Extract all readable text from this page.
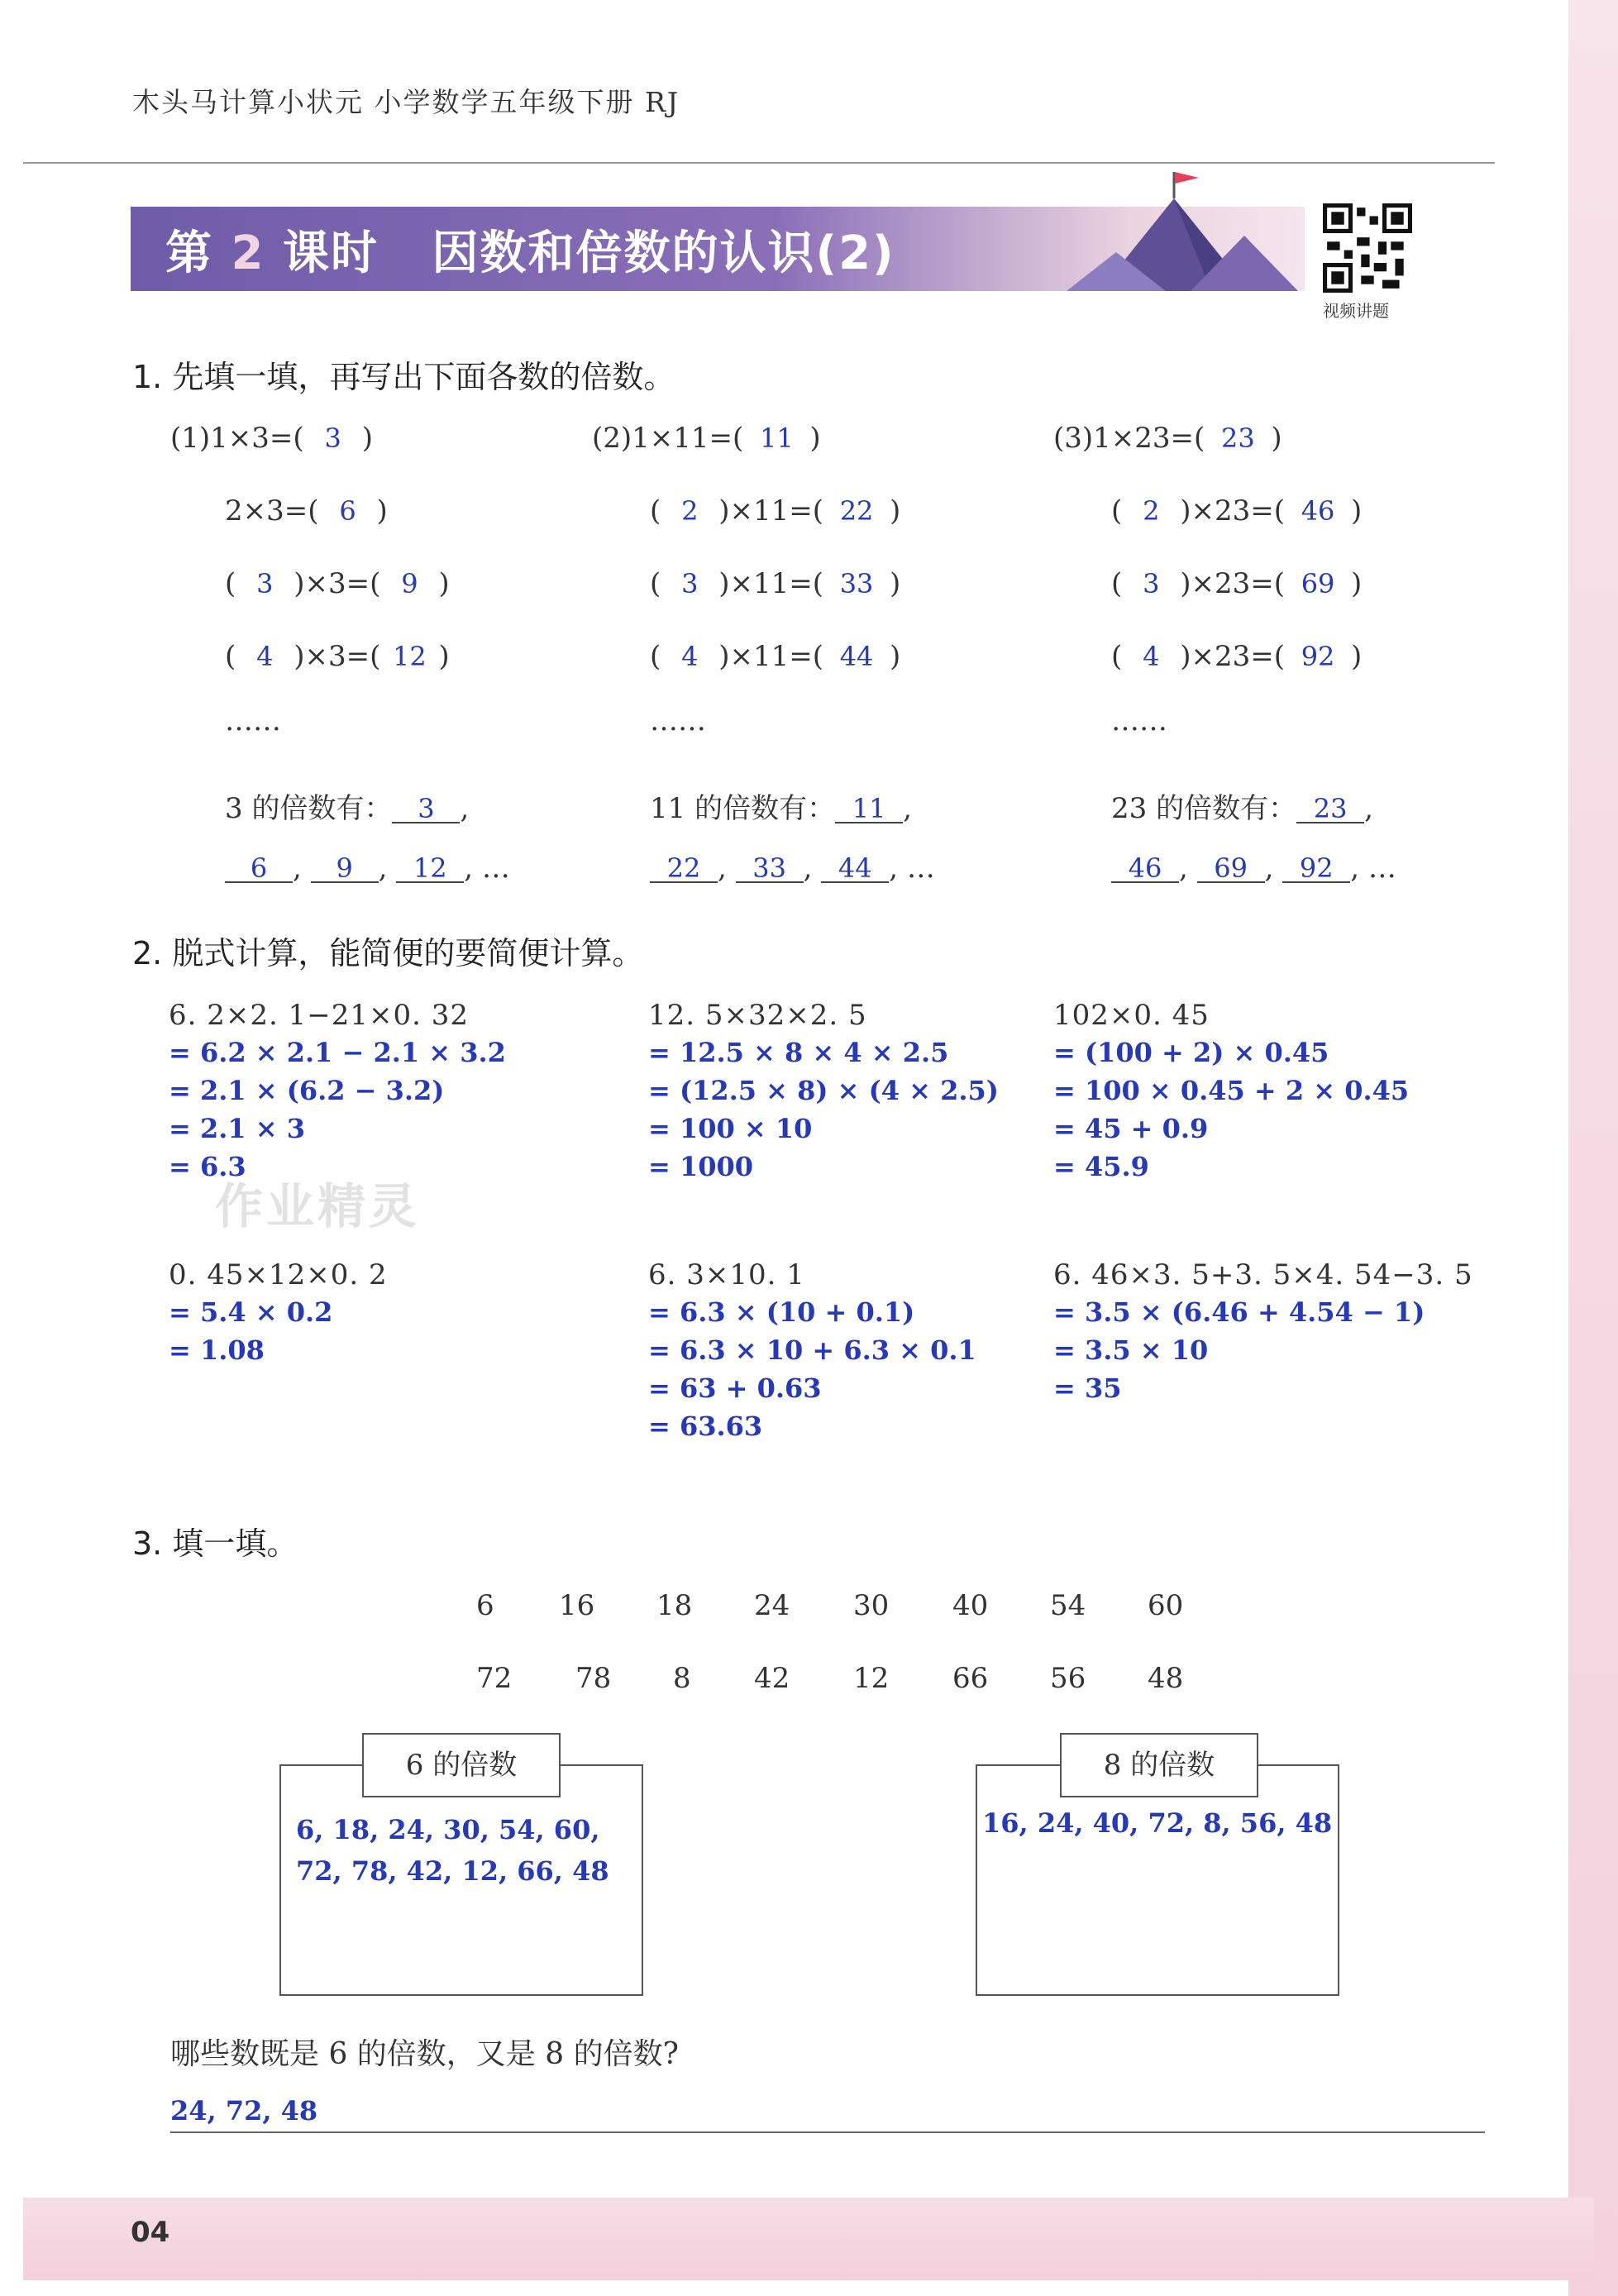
木头马计算小状元 小学数学五年级下册 RJ
第 2 课时 因数和倍数的认识(2)
视频讲题
1. 先填一填，再写出下面各数的倍数。
(1)1×3=( 3 )
2×3=( 6 )
( 3 )×3=( 9 )
( 4 )×3=( 12 )
……
3 的倍数有： 3 ,
6 , 9 , 12 , …
(2)1×11=( 11 )
( 2 )×11=( 22 )
( 3 )×11=( 33 )
( 4 )×11=( 44 )
……
11 的倍数有： 11 ,
22 , 33 , 44 , …
(3)1×23=( 23 )
( 2 )×23=( 46 )
( 3 )×23=( 69 )
( 4 )×23=( 92 )
……
23 的倍数有： 23 ,
46 , 69 , 92 , …
2. 脱式计算，能简便的要简便计算。
6. 2×2. 1−21×0. 32
= 6.2 × 2.1 − 2.1 × 3.2
= 2.1 × (6.2 − 3.2)
= 2.1 × 3
= 6.3
12. 5×32×2. 5
= 12.5 × 8 × 4 × 2.5
= (12.5 × 8) × (4 × 2.5)
= 100 × 10
= 1000
102×0. 45
= (100 + 2) × 0.45
= 100 × 0.45 + 2 × 0.45
= 45 + 0.9
= 45.9
作业精灵
0. 45×12×0. 2
= 5.4 × 0.2
= 1.08
6. 3×10. 1
= 6.3 × (10 + 0.1)
= 6.3 × 10 + 6.3 × 0.1
= 63 + 0.63
= 63.63
6. 46×3. 5+3. 5×4. 54−3. 5
= 3.5 × (6.46 + 4.54 − 1)
= 3.5 × 10
= 35
3. 填一填。
6 16 18 24 30 40 54 60
72 78 8 42 12 66 56 48
6 的倍数
6, 18, 24, 30, 54, 60,
72, 78, 42, 12, 66, 48
8 的倍数
16, 24, 40, 72, 8, 56, 48
哪些数既是 6 的倍数，又是 8 的倍数?
24, 72, 48
04
